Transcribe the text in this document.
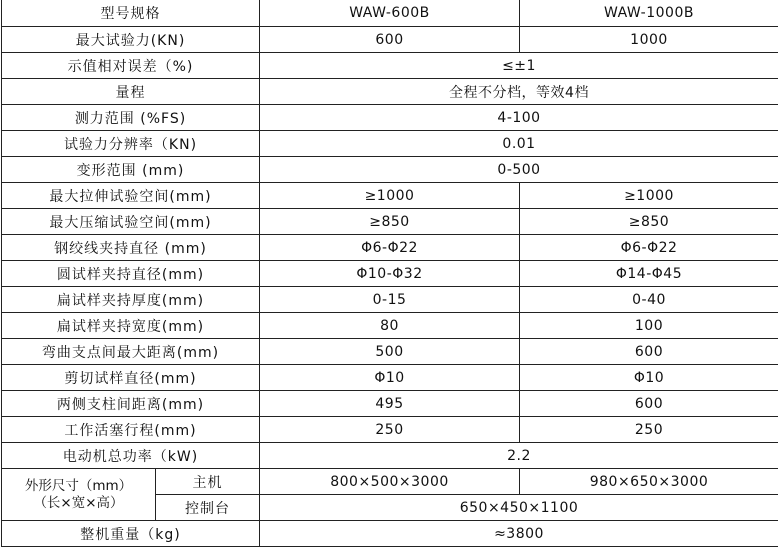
型号规格		WAW-600B	WAW-1000B
最大试验力(KN)		600	1000
示值相对误差（%)		≤±1	
量程		全程不分档，等效4档	
测力范围 (%FS)		4-100	
试验力分辨率（KN)		0.01	
变形范围 (mm)		0-500	
最大拉伸试验空间(mm)		≥1000	≥1000
最大压缩试验空间(mm)		≥850	≥850
钢绞线夹持直径 (mm)		Φ6-Φ22	Φ6-Φ22
圆试样夹持直径(mm)		Φ10-Φ32	Φ14-Φ45
扁试样夹持厚度(mm)		0-15	0-40
扁试样夹持宽度(mm)		80	100
弯曲支点间最大距离(mm)		500	600
剪切试样直径(mm)		Φ10	Φ10
两侧支柱间距离(mm)		495	600
工作活塞行程(mm)		250	250
电动机总功率（kW)		2.2	

外形尺寸（mm）
（长×宽×高）	主机	800×500×3000	980×650×3000
	控制台	650×450×1100	
整机重量（kg)		≈3800	
